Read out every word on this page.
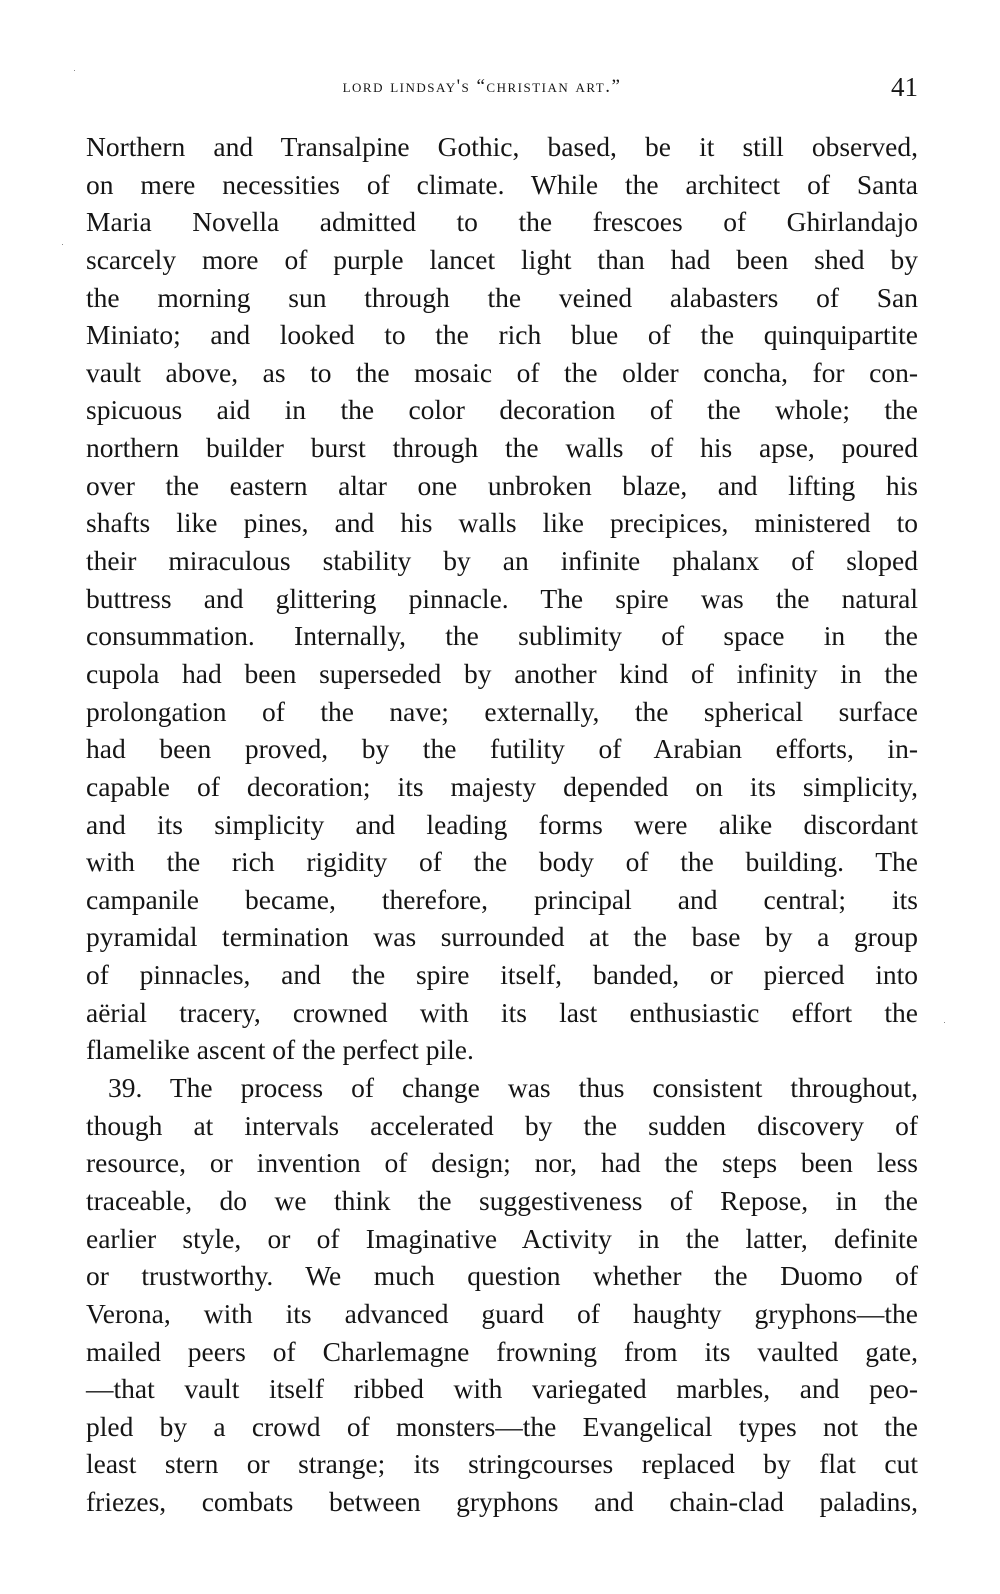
lord lindsay's “christian art.”	41
Northern and Transalpine Gothic, based, be it still observed,
on mere necessities of climate. While the architect of Santa
Maria Novella admitted to the frescoes of Ghirlandajo
scarcely more of purple lancet light than had been shed by
the morning sun through the veined alabasters of San
Miniato; and looked to the rich blue of the quinquipartite
vault above, as to the mosaic of the older concha, for con-
spicuous aid in the color decoration of the whole; the
northern builder burst through the walls of his apse, poured
over the eastern altar one unbroken blaze, and lifting his
shafts like pines, and his walls like precipices, ministered to
their miraculous stability by an infinite phalanx of sloped
buttress and glittering pinnacle. The spire was the natural
consummation. Internally, the sublimity of space in the
cupola had been superseded by another kind of infinity in the
prolongation of the nave; externally, the spherical surface
had been proved, by the futility of Arabian efforts, in-
capable of decoration; its majesty depended on its simplicity,
and its simplicity and leading forms were alike discordant
with the rich rigidity of the body of the building. The
campanile became, therefore, principal and central; its
pyramidal termination was surrounded at the base by a group
of pinnacles, and the spire itself, banded, or pierced into
aërial tracery, crowned with its last enthusiastic effort the
flamelike ascent of the perfect pile.
39. The process of change was thus consistent throughout,
though at intervals accelerated by the sudden discovery of
resource, or invention of design; nor, had the steps been less
traceable, do we think the suggestiveness of Repose, in the
earlier style, or of Imaginative Activity in the latter, definite
or trustworthy. We much question whether the Duomo of
Verona, with its advanced guard of haughty gryphons—the
mailed peers of Charlemagne frowning from its vaulted gate,
—that vault itself ribbed with variegated marbles, and peo-
pled by a crowd of monsters—the Evangelical types not the
least stern or strange; its stringcourses replaced by flat cut
friezes, combats between gryphons and chain-clad paladins,
